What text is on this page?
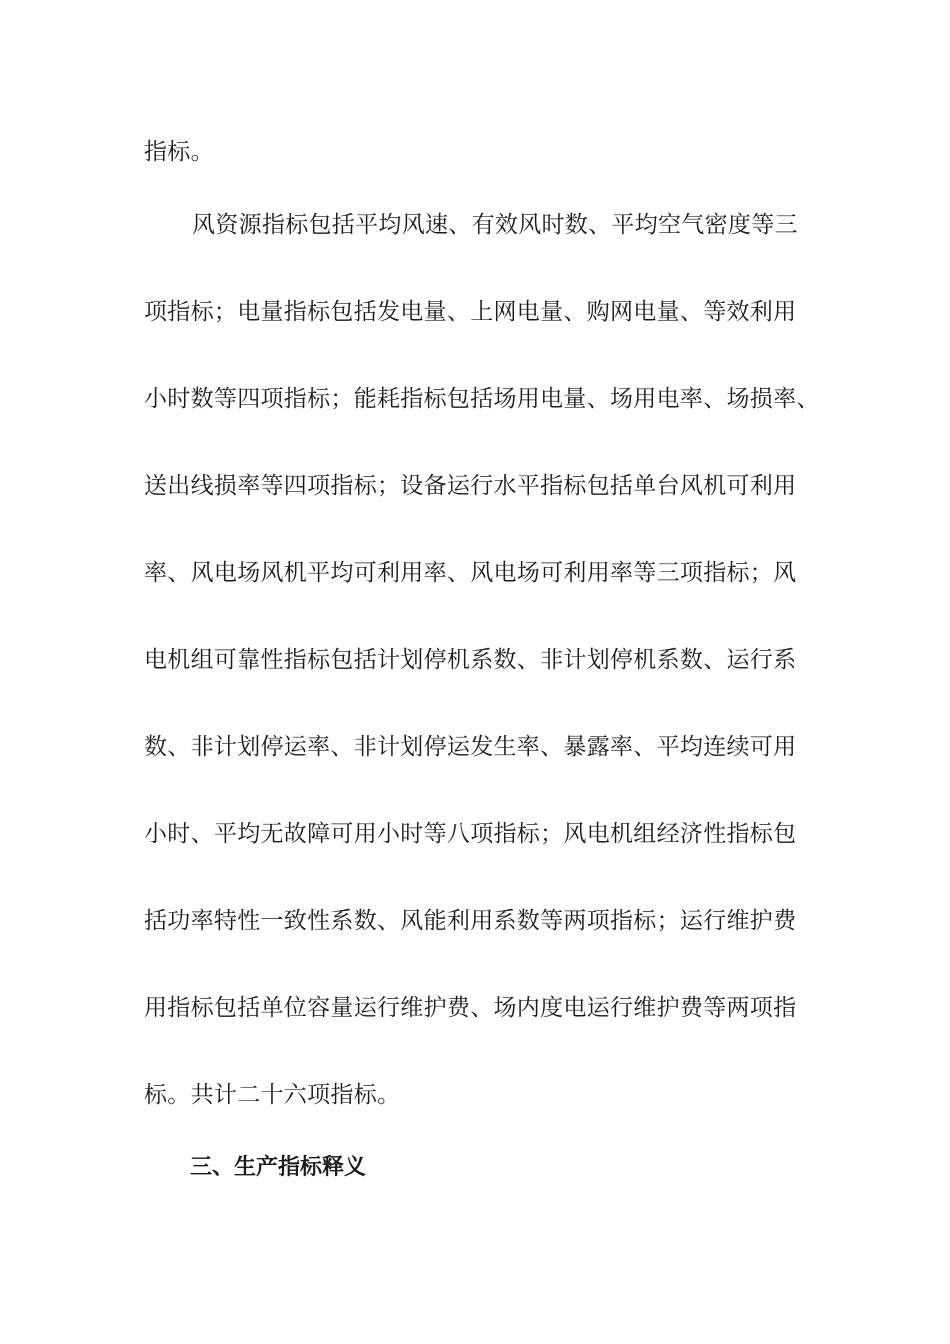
指标。
风资源指标包括平均风速、有效风时数、平均空气密度等三
项指标；电量指标包括发电量、上网电量、购网电量、等效利用
小时数等四项指标；能耗指标包括场用电量、场用电率、场损率、
送出线损率等四项指标；设备运行水平指标包括单台风机可利用
率、风电场风机平均可利用率、风电场可利用率等三项指标；风
电机组可靠性指标包括计划停机系数、非计划停机系数、运行系
数、非计划停运率、非计划停运发生率、暴露率、平均连续可用
小时、平均无故障可用小时等八项指标；风电机组经济性指标包
括功率特性一致性系数、风能利用系数等两项指标；运行维护费
用指标包括单位容量运行维护费、场内度电运行维护费等两项指
标。共计二十六项指标。
三、生产指标释义
